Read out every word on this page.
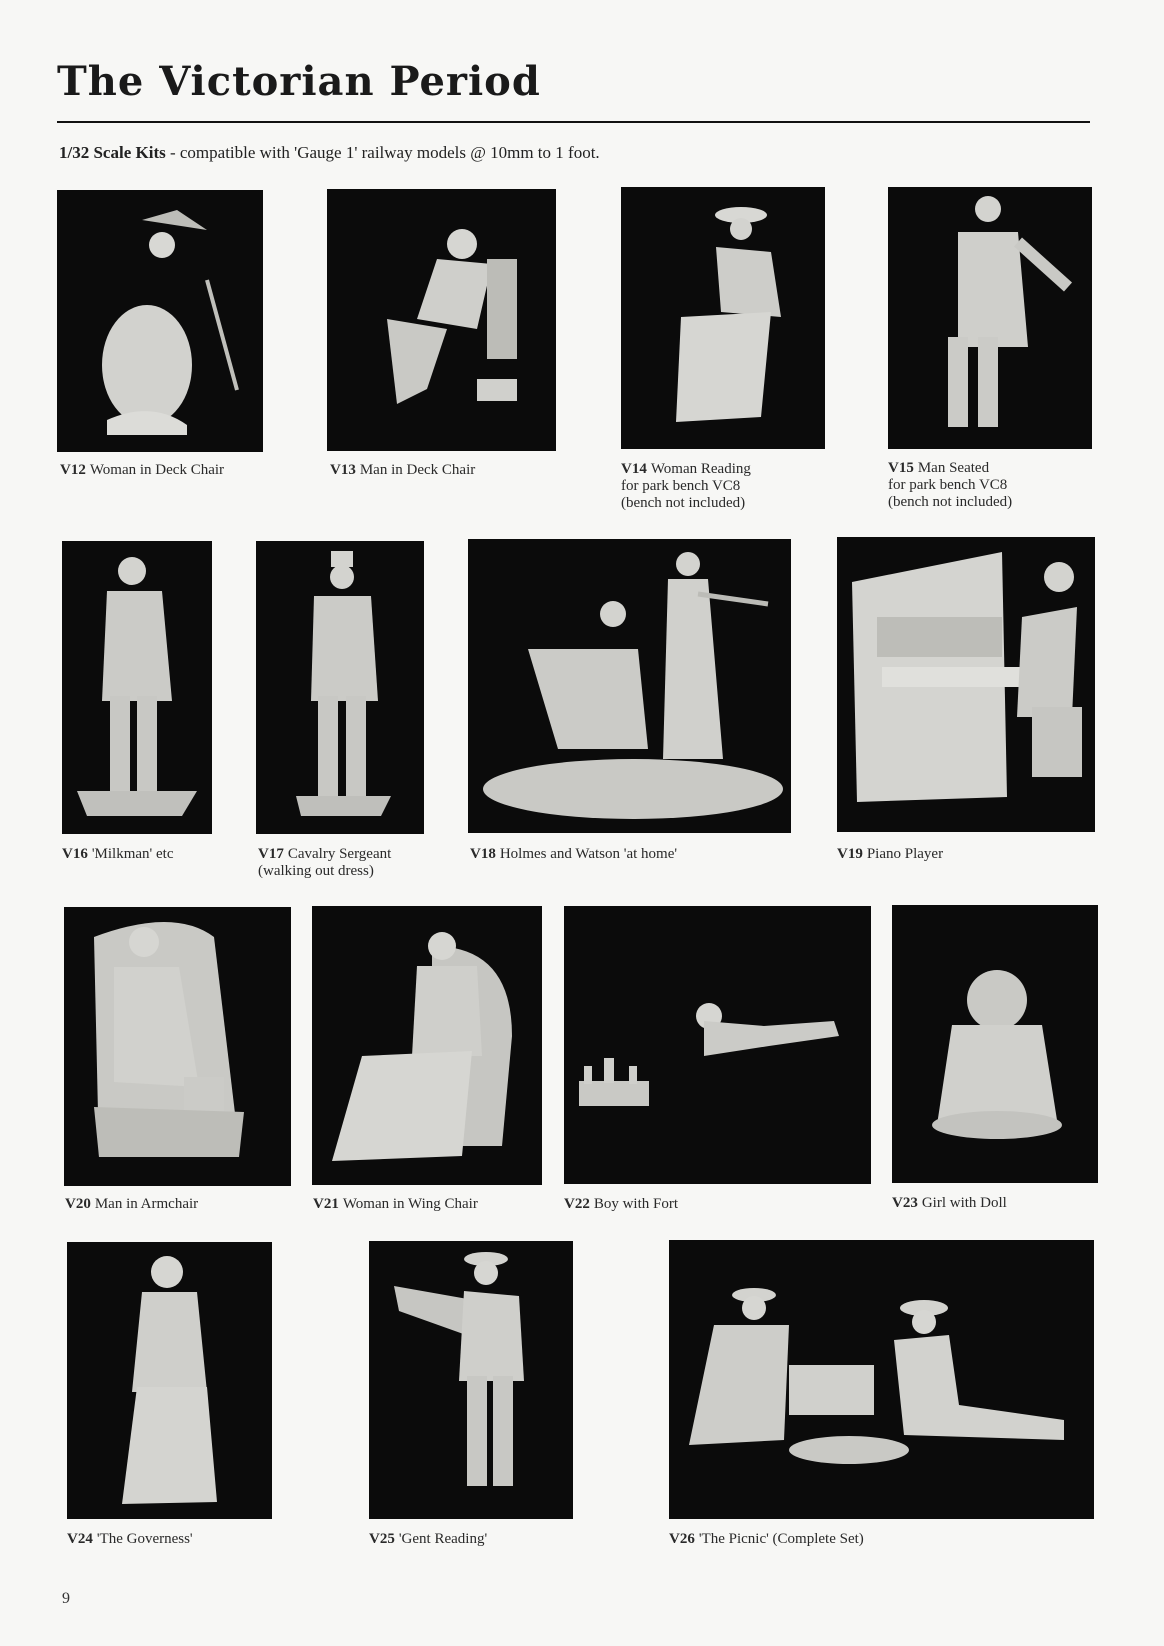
The Victorian Period
1/32 Scale Kits - compatible with 'Gauge 1' railway models @ 10mm to 1 foot.
V12 Woman in Deck Chair	V13 Man in Deck Chair	V14 Woman Reading
for park bench VC8
(bench not included)
V15 Man Seated
for park bench VC8
(bench not included)
V16 'Milkman' etc	V17 Cavalry Sergeant
(walking out dress)
V18 Holmes and Watson 'at home'	V19 Piano Player
V20 Man in Armchair	V21 Woman in Wing Chair	V22 Boy with Fort	V23 Girl with Doll
V24 'The Governess'	V25 'Gent Reading'	V26 'The Picnic' (Complete Set)
9
